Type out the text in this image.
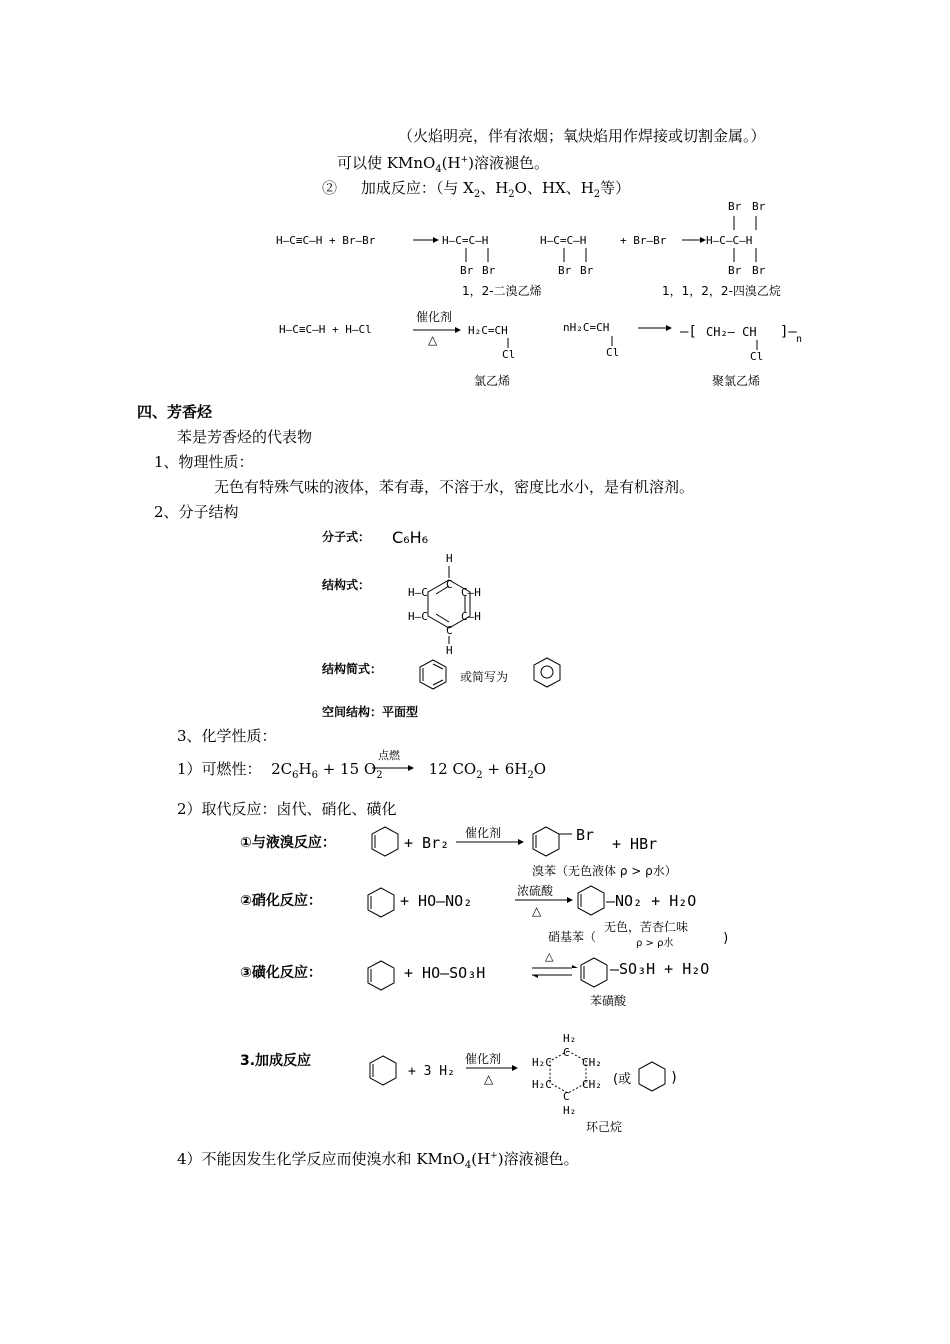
（火焰明亮，伴有浓烟；氧炔焰用作焊接或切割金属。）
可以使 KMnO$_4$(H+)溶液褪色。
② 加成反应：（与 $X_2$、$H_2O$、HX、$H_2$等）
H—C≡C—H + Br—Br	H—C=C—H
Br Br
H—C=C—H
Br Br
+ Br—Br	H—C—C—H
Br Br
Br Br
H—C≡C—H + H—Cl	H₂C=CH
Cl
nH₂C=CH
Cl
—[ CH₂— CH
Cl
]— n
1，2-二溴乙烯	1，1，2，2-四溴乙烷
催化剂
△
氯乙烯	聚氯乙烯
四、芳香烃
苯是芳香烃的代表物
1、物理性质：
无色有特殊气味的液体，苯有毒，不溶于水，密度比水小，是有机溶剂。
2、分子结构
分子式： C₆H₆
结构式：
结构简式：
或简写为
空间结构：平面型
H
C
H—C	C—H
H—C	C—H
C
H
3、化学性质：
1）可燃性：  $2C_6H_6 + 15$ $O_2$	12 $CO_2 + 6H_2O$
点燃
2）取代反应：卤代、硝化、磺化
①与液溴反应：
②硝化反应：
③磺化反应：
3.加成反应
催化剂
溴苯（无色液体 ρ > ρ水）
浓硫酸
△
硝基苯（
无色，苦杏仁味
ρ > ρ水
△
苯磺酸
催化剂
△
环己烷
(或
+ Br₂	Br + HBr
+ HO—NO₂	—NO₂ + H₂O
)
+ HO—SO₃H	—SO₃H + H₂O
+ 3 H₂
H₂
C
H₂C	CH₂
H₂C	CH₂
C
H₂
)
4）不能因发生化学反应而使溴水和 KMnO$_4$(H+)溶液褪色。
